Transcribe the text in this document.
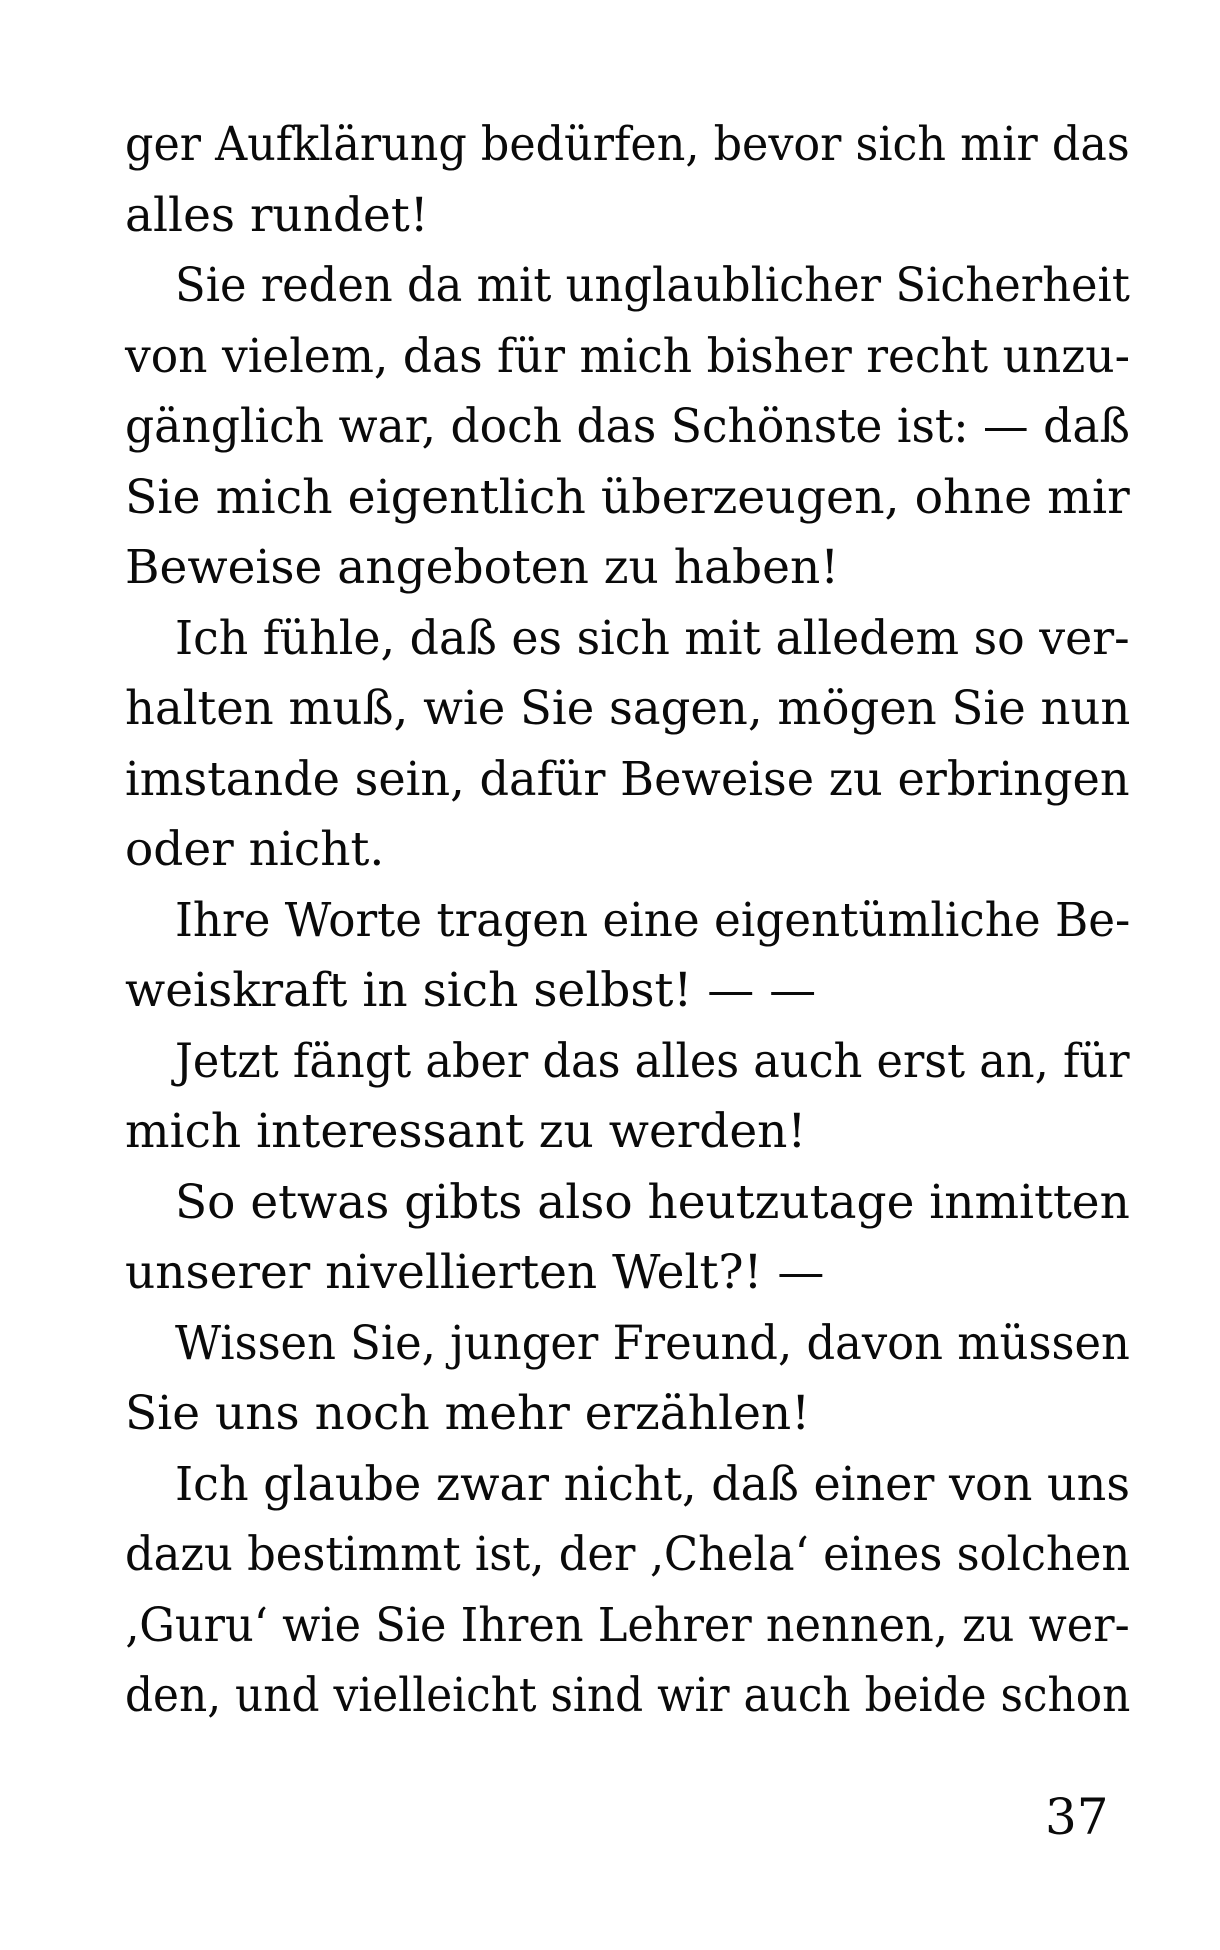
ger Aufklärung bedürfen, bevor sich mir das
alles rundet!
Sie reden da mit unglaublicher Sicherheit
von vielem, das für mich bisher recht unzu-
gänglich war, doch das Schönste ist: — daß
Sie mich eigentlich überzeugen, ohne mir
Beweise angeboten zu haben!
Ich fühle, daß es sich mit alledem so ver-
halten muß, wie Sie sagen, mögen Sie nun
imstande sein, dafür Beweise zu erbringen
oder nicht.
Ihre Worte tragen eine eigentümliche Be-
weiskraft in sich selbst! — —
Jetzt fängt aber das alles auch erst an, für
mich interessant zu werden!
So etwas gibts also heutzutage inmitten
unserer nivellierten Welt?! —
Wissen Sie, junger Freund, davon müssen
Sie uns noch mehr erzählen!
Ich glaube zwar nicht, daß einer von uns
dazu bestimmt ist, der ‚Chela‘ eines solchen
‚Guru‘ wie Sie Ihren Lehrer nennen, zu wer-
den, und vielleicht sind wir auch beide schon
37
